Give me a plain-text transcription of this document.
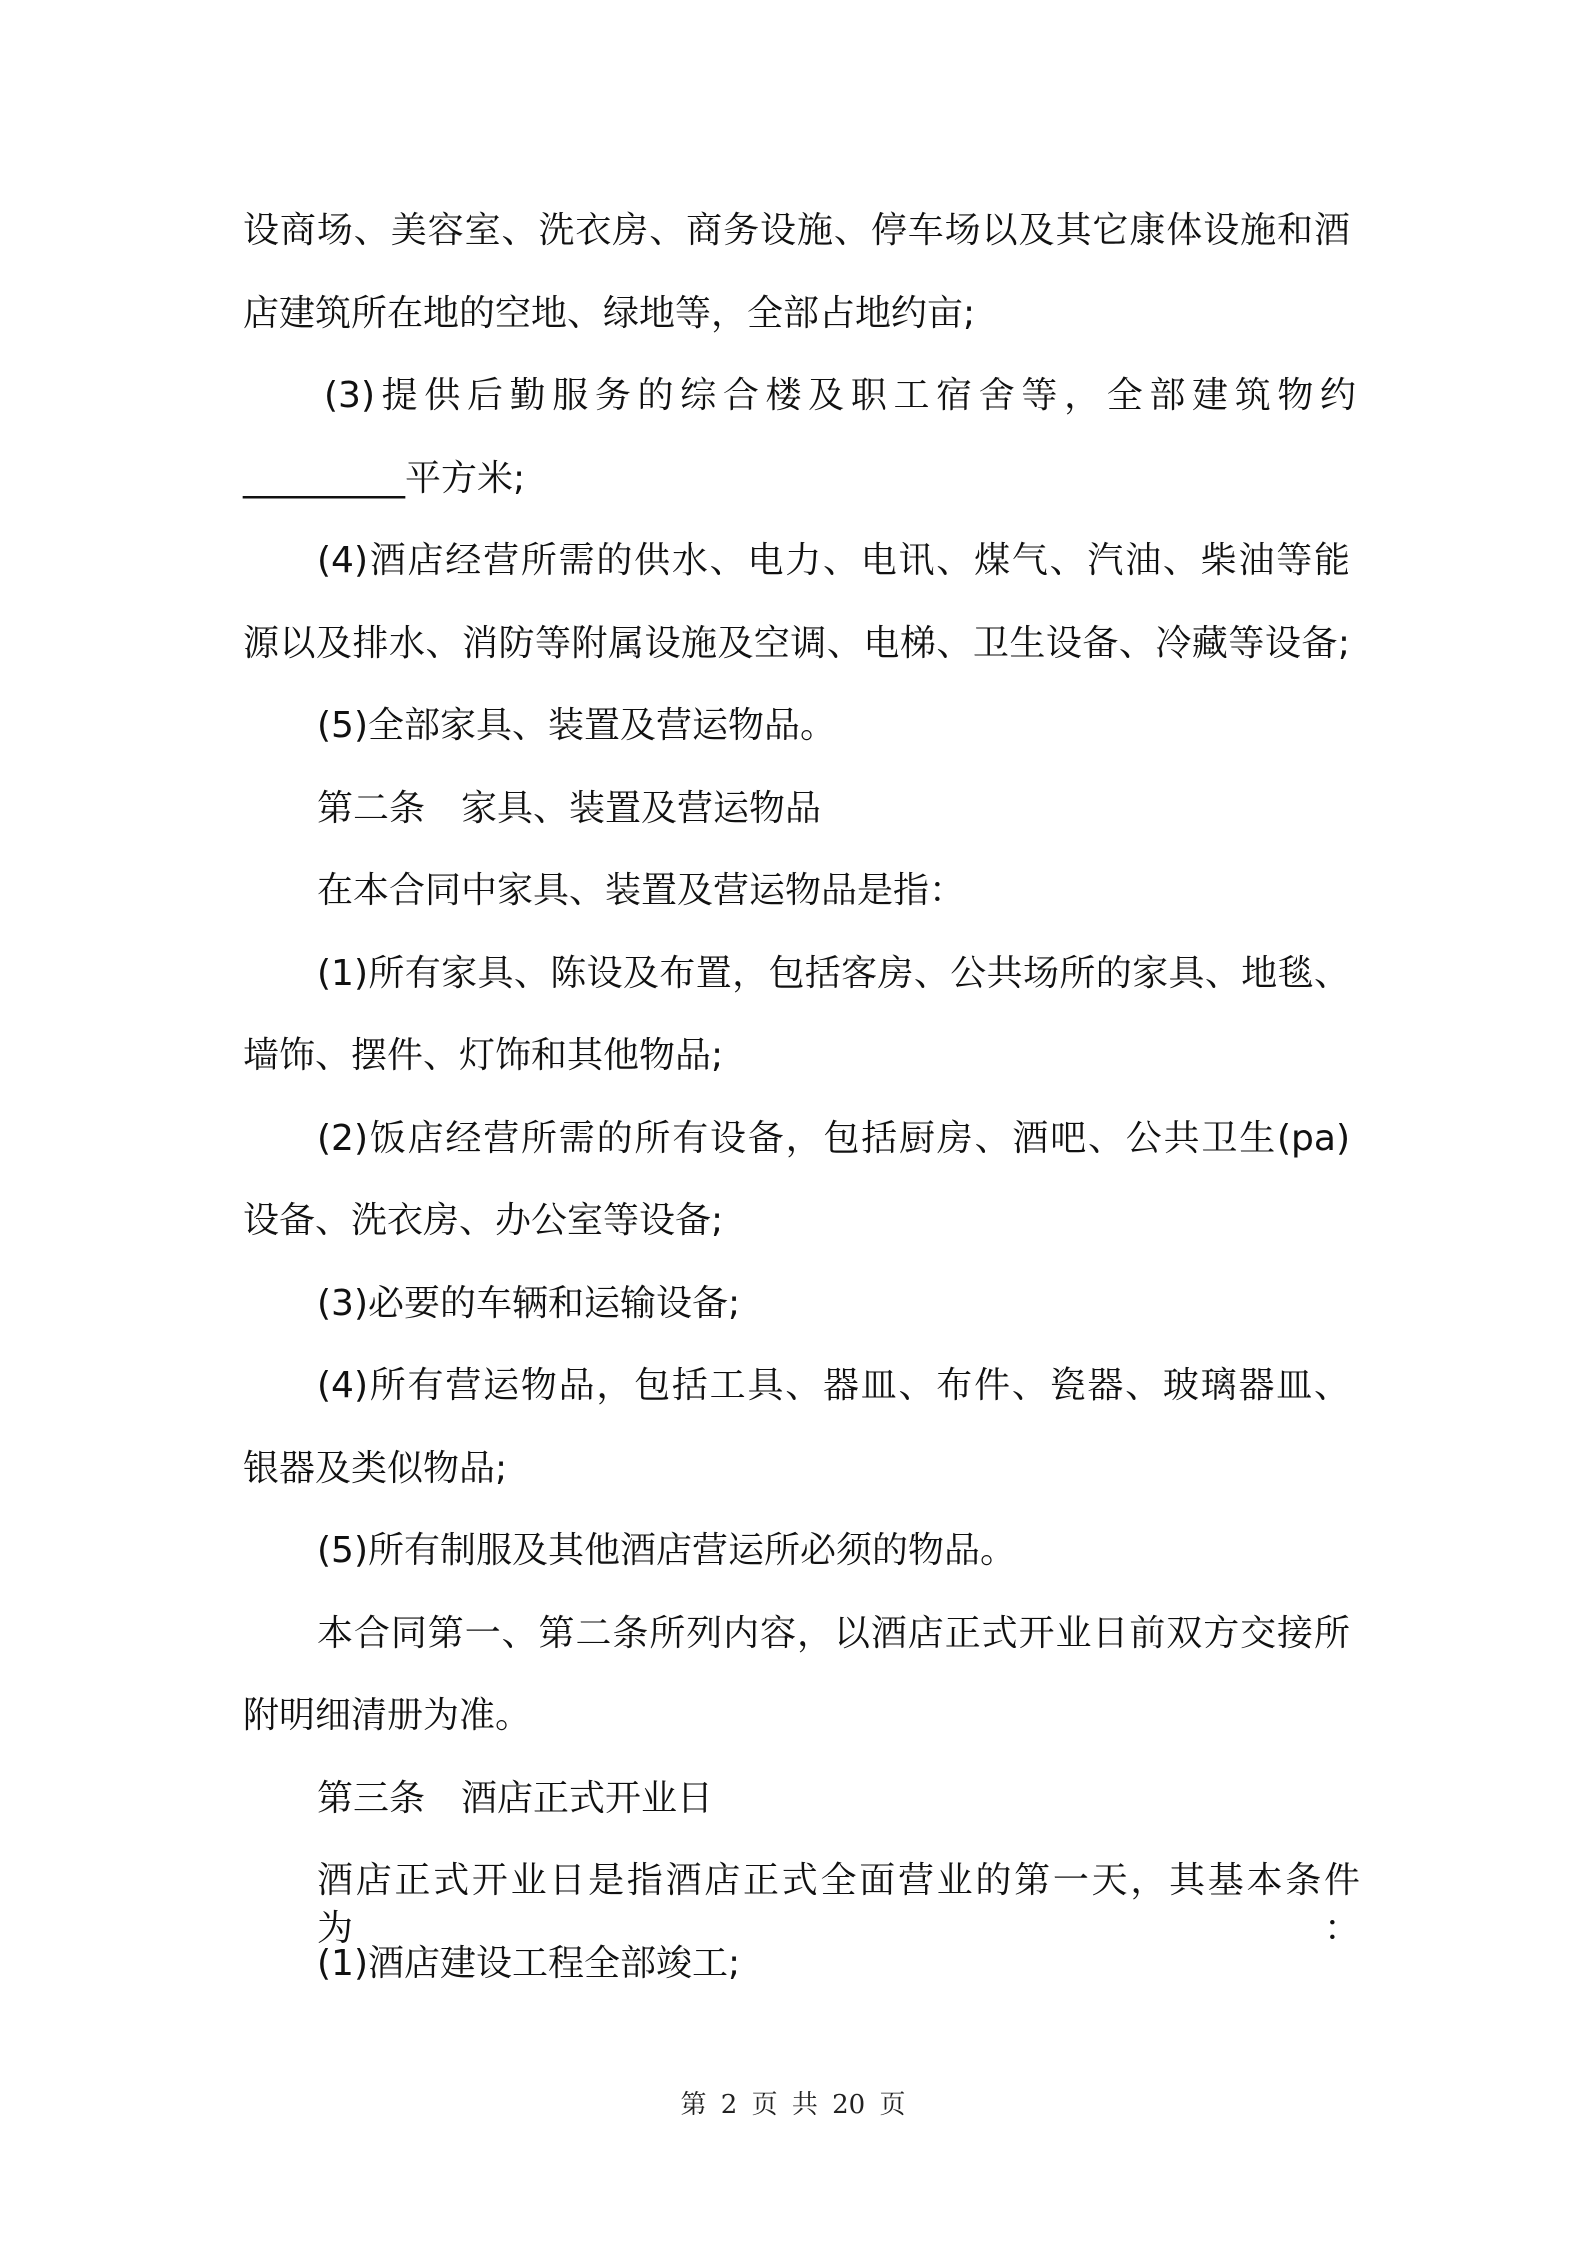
设商场、美容室、洗衣房、商务设施、停车场以及其它康体设施和酒
店建筑所在地的空地、绿地等，全部占地约亩;
(3)提供后勤服务的综合楼及职工宿舍等，全部建筑物约
_________平方米;
(4)酒店经营所需的供水、电力、电讯、煤气、汽油、柴油等能
源以及排水、消防等附属设施及空调、电梯、卫生设备、冷藏等设备;
(5)全部家具、装置及营运物品。
第二条　家具、装置及营运物品
在本合同中家具、装置及营运物品是指：
(1)所有家具、陈设及布置，包括客房、公共场所的家具、地毯、
墙饰、摆件、灯饰和其他物品;
(2)饭店经营所需的所有设备，包括厨房、酒吧、公共卫生(pa)
设备、洗衣房、办公室等设备;
(3)必要的车辆和运输设备;
(4)所有营运物品，包括工具、器皿、布件、瓷器、玻璃器皿、
银器及类似物品;
(5)所有制服及其他酒店营运所必须的物品。
本合同第一、第二条所列内容，以酒店正式开业日前双方交接所
附明细清册为准。
第三条　酒店正式开业日
酒店正式开业日是指酒店正式全面营业的第一天，其基本条件为：
(1)酒店建设工程全部竣工;
第 2 页 共 20 页
